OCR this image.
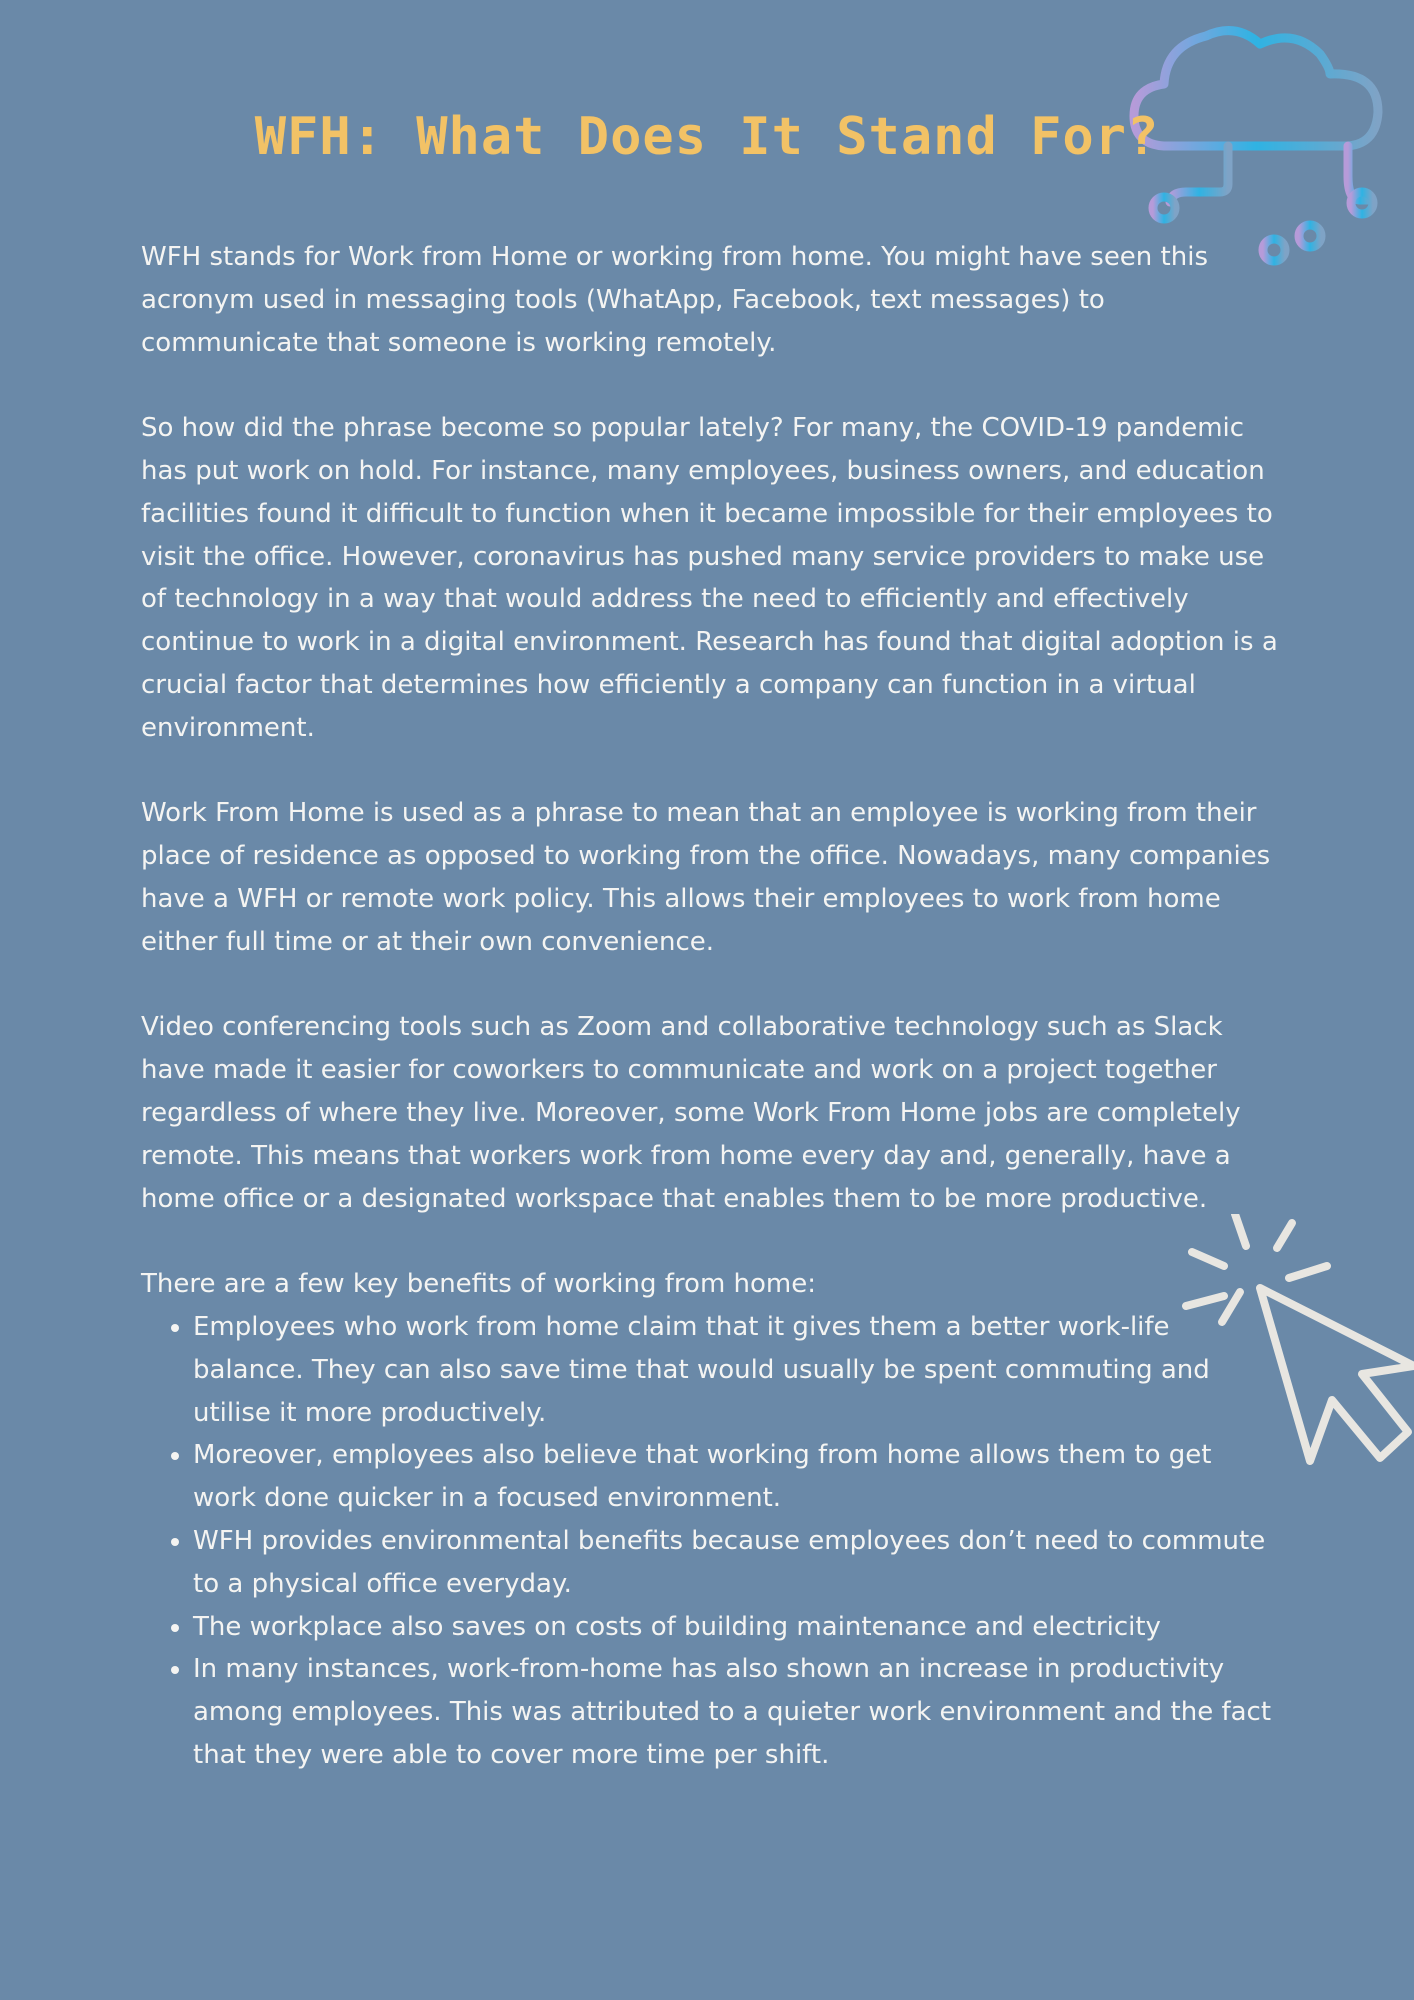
WFH: What Does It Stand For?

WFH stands for Work from Home or working from home. You might have seen this acronym used in messaging tools (WhatApp, Facebook, text messages) to communicate that someone is working remotely.

So how did the phrase become so popular lately? For many, the COVID-19 pandemic has put work on hold. For instance, many employees, business owners, and education facilities found it difficult to function when it became impossible for their employees to visit the office. However, coronavirus has pushed many service providers to make use of technology in a way that would address the need to efficiently and effectively continue to work in a digital environment. Research has found that digital adoption is a crucial factor that determines how efficiently a company can function in a virtual environment.

Work From Home is used as a phrase to mean that an employee is working from their place of residence as opposed to working from the office. Nowadays, many companies have a WFH or remote work policy. This allows their employees to work from home either full time or at their own convenience.

Video conferencing tools such as Zoom and collaborative technology such as Slack have made it easier for coworkers to communicate and work on a project together regardless of where they live. Moreover, some Work From Home jobs are completely remote. This means that workers work from home every day and, generally, have a home office or a designated workspace that enables them to be more productive.

There are a few key benefits of working from home:

• Employees who work from home claim that it gives them a better work-life balance. They can also save time that would usually be spent commuting and utilise it more productively.
• Moreover, employees also believe that working from home allows them to get work done quicker in a focused environment.
• WFH provides environmental benefits because employees don’t need to commute to a physical office everyday.
• The workplace also saves on costs of building maintenance and electricity
• In many instances, work-from-home has also shown an increase in productivity among employees. This was attributed to a quieter work environment and the fact that they were able to cover more time per shift.
